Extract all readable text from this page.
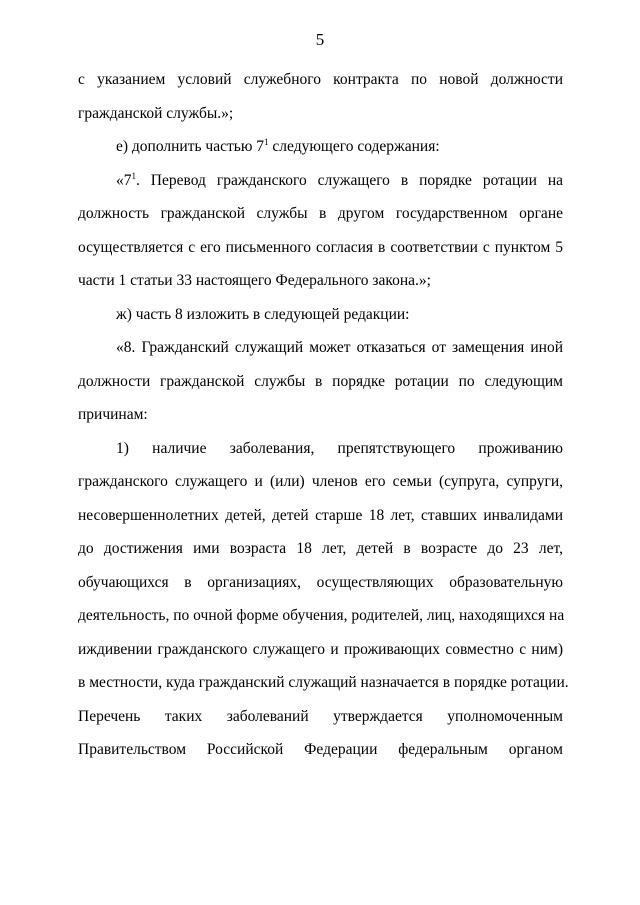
5

с указанием условий служебного контракта по новой должности

гражданской службы.»;

е) дополнить частью $7^1$ следующего содержания:

«$7^1$. Перевод гражданского служащего в порядке ротации на

должность гражданской службы в другом государственном органе

осуществляется с его письменного согласия в соответствии с пунктом 5

части 1 статьи 33 настоящего Федерального закона.»;

ж) часть 8 изложить в следующей редакции:

«8. Гражданский служащий может отказаться от замещения иной

должности гражданской службы в порядке ротации по следующим

причинам:

1) наличие заболевания, препятствующего проживанию

гражданского служащего и (или) членов его семьи (супруга, супруги,

несовершеннолетних детей, детей старше 18 лет, ставших инвалидами

до достижения ими возраста 18 лет, детей в возрасте до 23 лет,

обучающихся в организациях, осуществляющих образовательную

деятельность, по очной форме обучения, родителей, лиц, находящихся на

иждивении гражданского служащего и проживающих совместно с ним)

в местности, куда гражданский служащий назначается в порядке ротации.

Перечень таких заболеваний утверждается уполномоченным

Правительством Российской Федерации федеральным органом
